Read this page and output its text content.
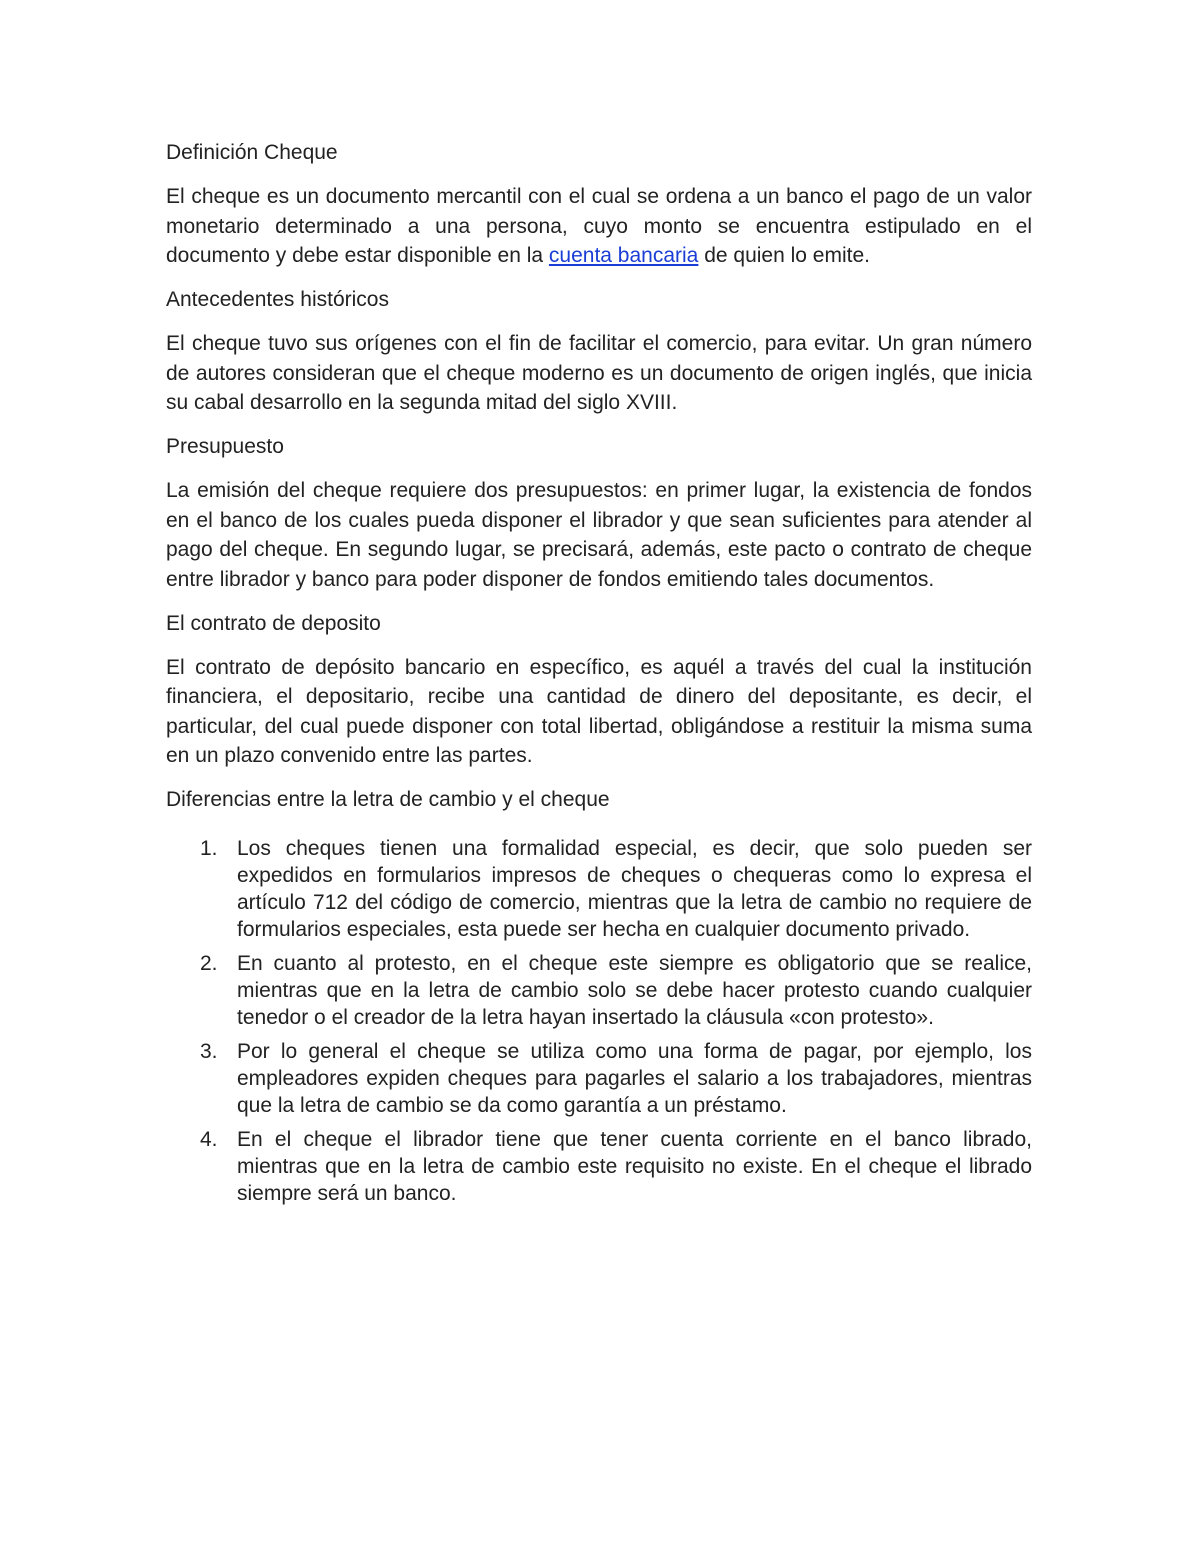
Definición Cheque

El cheque es un documento mercantil con el cual se ordena a un banco el pago de un valor monetario determinado a una persona, cuyo monto se encuentra estipulado en el documento y debe estar disponible en la cuenta bancaria de quien lo emite.

Antecedentes históricos

El cheque tuvo sus orígenes con el fin de facilitar el comercio, para evitar. Un gran número de autores consideran que el cheque moderno es un documento de origen inglés, que inicia su cabal desarrollo en la segunda mitad del siglo XVIII.

Presupuesto

La emisión del cheque requiere dos presupuestos: en primer lugar, la existencia de fondos en el banco de los cuales pueda disponer el librador y que sean suficientes para atender al pago del cheque. En segundo lugar, se precisará, además, este pacto o contrato de cheque entre librador y banco para poder disponer de fondos emitiendo tales documentos.

El contrato de deposito

El contrato de depósito bancario en específico, es aquél a través del cual la institución financiera, el depositario, recibe una cantidad de dinero del depositante, es decir, el particular, del cual puede disponer con total libertad, obligándose a restituir la misma suma en un plazo convenido entre las partes.

Diferencias entre la letra de cambio y el cheque
1. Los cheques tienen una formalidad especial, es decir, que solo pueden ser expedidos en formularios impresos de cheques o chequeras como lo expresa el artículo 712 del código de comercio, mientras que la letra de cambio no requiere de formularios especiales, esta puede ser hecha en cualquier documento privado.
2. En cuanto al protesto, en el cheque este siempre es obligatorio que se realice, mientras que en la letra de cambio solo se debe hacer protesto cuando cualquier tenedor o el creador de la letra hayan insertado la cláusula «con protesto».
3. Por lo general el cheque se utiliza como una forma de pagar, por ejemplo, los empleadores expiden cheques para pagarles el salario a los trabajadores, mientras que la letra de cambio se da como garantía a un préstamo.
4. En el cheque el librador tiene que tener cuenta corriente en el banco librado, mientras que en la letra de cambio este requisito no existe. En el cheque el librado siempre será un banco.
